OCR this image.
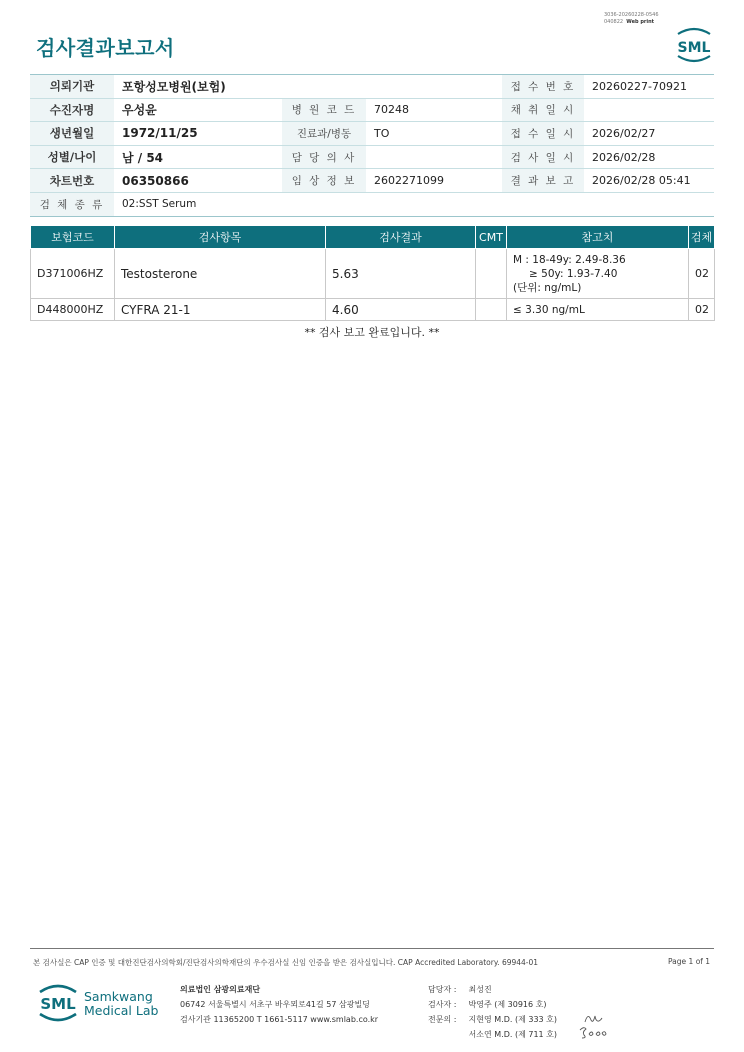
3036-20260228-0546
040822 Web print
검사결과보고서	SML
의뢰기관	포항성모병원(보험)			접 수 번 호	20260227-70921
수진자명	우성윤	병 원 코 드	70248	채 취 일 시	
생년월일	1972/11/25	진료과/병동	TO	접 수 일 시	2026/02/27
성별/나이	남 / 54	담 당 의 사		검 사 일 시	2026/02/28
차트번호	06350866	임 상 정 보	2602271099	결 과 보 고	2026/02/28 05:41
검 체 종 류	02:SST Serum				
보험코드	검사항목	검사결과	CMT	참고치	검체
D371006HZ	Testosterone	5.63		M : 18-49y: 2.49-8.36
≥ 50y: 1.93-7.40
(단위: ng/mL)	02
D448000HZ	CYFRA 21-1	4.60		≤ 3.30 ng/mL	02
** 검사 보고 완료입니다. **
본 검사실은 CAP 인증 및 대한진단검사의학회/진단검사의학재단의 우수검사실 신임 인증을 받은 검사실입니다. CAP Accredited Laboratory. 69944-01	Page 1 of 1
SML Samkwang
Medical Lab
의료법인 삼광의료재단
06742 서울특별시 서초구 바우뫼로41길 57 삼광빌딩
검사기관 11365200 T 1661-5117 www.smlab.co.kr
담당자 : 최성진
검사자 : 박영주 (제 30916 호)
전문의 : 지현영 M.D. (제 333 호)
서소연 M.D. (제 711 호)
